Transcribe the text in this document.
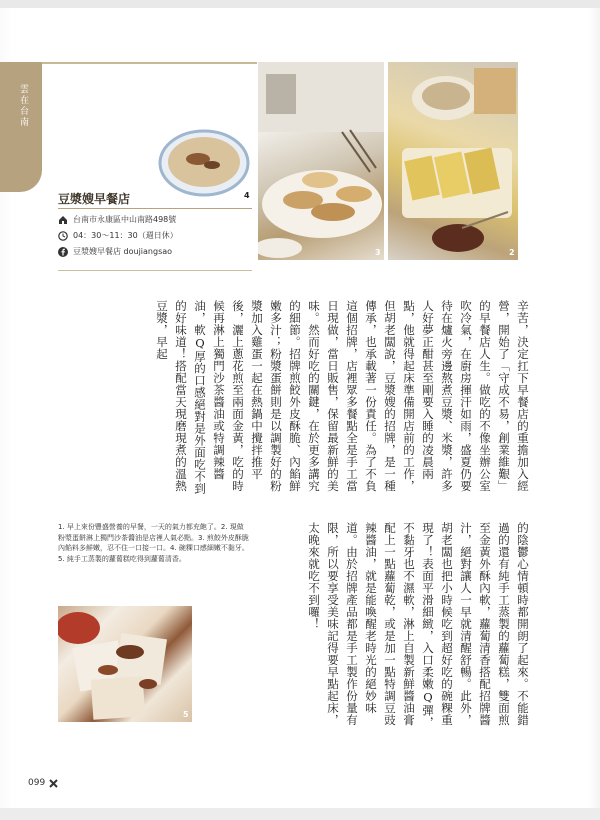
雲在台南
3	2
4
豆漿嫂早餐店
台南市永康區中山南路498號
04：30～11：30（週日休）
豆漿嫂早餐店 doujiangsao

辛苦，決定扛下早餐店的重擔加入經營，開始了「守成不易，創業維艱」的早餐店人生。做吃的不像坐辦公室吹冷氣，在廚房揮汗如雨，盛夏仍要待在爐火旁邊熬煮豆漿、米漿，許多人好夢正酣甚至剛要入睡的凌晨兩點，他就得起床準備開店前的工作，但胡老闆說，豆漿嫂的招牌，是一種傳承，也承載著一份責任。為了不負這個招牌，店裡眾多餐點全是手工當日現做，當日販售，保留最新鮮的美味。然而好吃的關鍵，在於更多講究的細節。招牌煎餃外皮酥脆、內餡鮮嫩多汁；粉漿蛋餅則是以調製好的粉漿加入雞蛋一起在熱鍋中攪拌推平後，灑上蔥花煎至兩面金黃，吃的時候再淋上獨門沙茶醬油或特調辣醬油，軟Q厚的口感絕對是外面吃不到的好味道！搭配當天現磨現煮的溫熱豆漿，早起

的陰鬱心情頓時都開朗了起來。不能錯過的還有純手工蒸製的蘿蔔糕，雙面煎至金黃外酥內軟，蘿蔔清香搭配招牌醬汁，絕對讓人一早就清醒舒暢。此外，胡老闆也把小時候吃到超好吃的碗粿重現了！表面平滑細緻，入口柔嫩Q彈，不黏牙也不濕軟，淋上自製新鮮醬油膏配上一點蘿蔔乾，或是加一點特調豆豉辣醬油，就是能喚醒老時光的絕妙味道。由於招牌產品都是手工製作份量有限，所以要享受美味記得要早點起床，太晚來就吃不到囉！

1. 早上來份豐盛營養的早餐，一天的氣力都充飽了。2. 現做粉漿蛋餅淋上獨門沙茶醬油是店裡人氣必點。3. 煎餃外皮酥脆內餡料多鮮嫩，忍不住一口接一口。4. 碗粿口感細嫩不黏牙。5. 純手工蒸製的蘿蔔糕吃得到蘿蔔清香。

5
099
